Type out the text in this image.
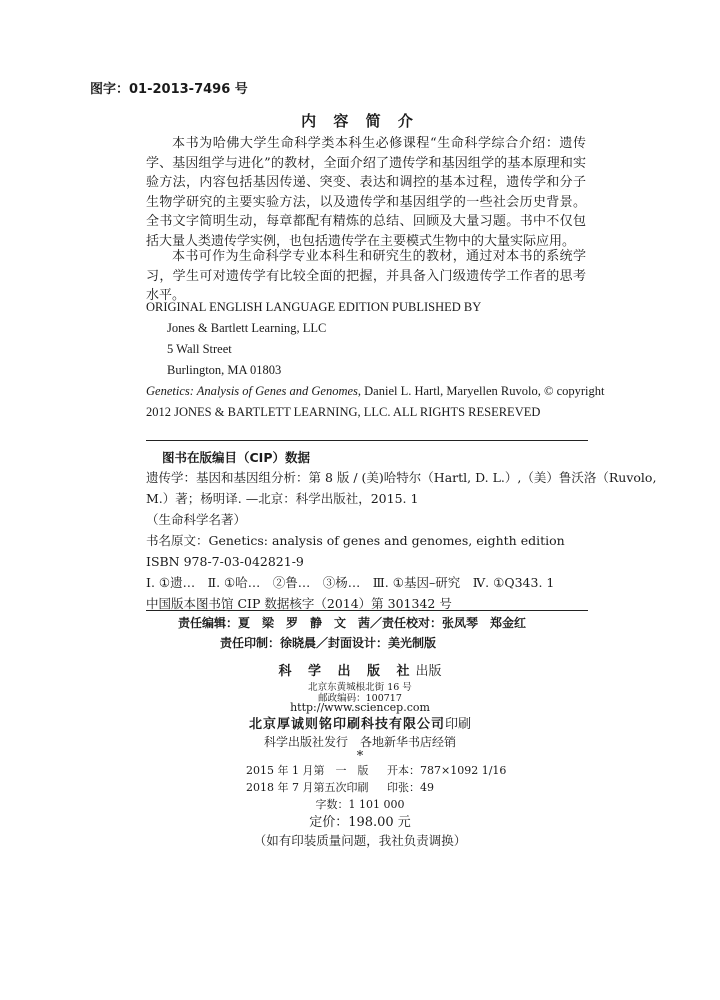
图字：01-2013-7496 号
内 容 简 介

本书为哈佛大学生命科学类本科生必修课程“生命科学综合介绍：遗传学、基因组学与进化”的教材，全面介绍了遗传学和基因组学的基本原理和实验方法，内容包括基因传递、突变、表达和调控的基本过程，遗传学和分子生物学研究的主要实验方法，以及遗传学和基因组学的一些社会历史背景。全书文字简明生动，每章都配有精炼的总结、回顾及大量习题。书中不仅包括大量人类遗传学实例，也包括遗传学在主要模式生物中的大量实际应用。

本书可作为生命科学专业本科生和研究生的教材，通过对本书的系统学习，学生可对遗传学有比较全面的把握，并具备入门级遗传学工作者的思考水平。

ORIGINAL ENGLISH LANGUAGE EDITION PUBLISHED BY
Jones & Bartlett Learning, LLC
5 Wall Street
Burlington, MA 01803
Genetics: Analysis of Genes and Genomes, Daniel L. Hartl, Maryellen Ruvolo, © copyright
2012 JONES & BARTLETT LEARNING, LLC. ALL RIGHTS RESEREVED
图书在版编目（CIP）数据
遗传学：基因和基因组分析：第 8 版 / (美)哈特尔（Hartl, D. L.）,（美）鲁沃洛（Ruvolo,
M.）著；杨明译. —北京：科学出版社，2015. 1
（生命科学名著）
书名原文：Genetics: analysis of genes and genomes, eighth edition
ISBN 978-7-03-042821-9
Ⅰ. ①遗…　Ⅱ. ①哈…　②鲁…　③杨…　Ⅲ. ①基因–研究　Ⅳ. ①Q343. 1
中国版本图书馆 CIP 数据核字（2014）第 301342 号
责任编辑：夏　梁　罗　静　文　茜／责任校对：张凤琴　郑金红
责任印制：徐晓晨／封面设计：美光制版
科 学 出 版 社出版
北京东黄城根北街 16 号
邮政编码：100717
http://www.sciencep.com
北京厚诚则铭印刷科技有限公司印刷
科学出版社发行　各地新华书店经销
*
2015 年 1 月第　一　版 开本：787×1092 1/16
2018 年 7 月第五次印刷 印张：49
字数：1 101 000
定价：198.00 元
（如有印装质量问题，我社负责调换）
